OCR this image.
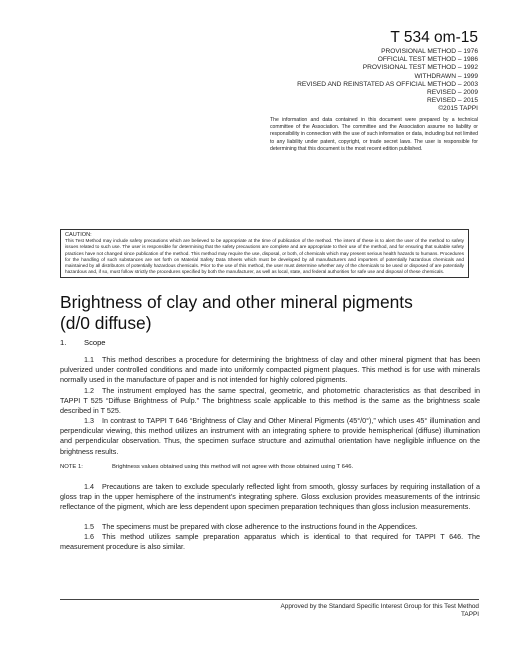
T 534 om-15
PROVISIONAL METHOD – 1976
OFFICIAL TEST METHOD – 1986
PROVISIONAL TEST METHOD – 1992
WITHDRAWN – 1999
REVISED AND REINSTATED AS OFFICIAL METHOD – 2003
REVISED – 2009
REVISED – 2015
©2015 TAPPI
The information and data contained in this document were prepared by a technical committee of the Association. The committee and the Association assume no liability or responsibility in connection with the use of such information or data, including but not limited to any liability under patent, copyright, or trade secret laws. The user is responsible for determining that this document is the most recent edition published.
CAUTION:
This Test Method may include safety precautions which are believed to be appropriate at the time of publication of the method. The intent of these is to alert the user of the method to safety issues related to such use. The user is responsible for determining that the safety precautions are complete and are appropriate to their use of the method, and for ensuring that suitable safety practices have not changed since publication of the method. This method may require the use, disposal, or both, of chemicals which may present serious health hazards to humans. Procedures for the handling of such substances are set forth on Material Safety Data Sheets which must be developed by all manufacturers and importers of potentially hazardous chemicals and maintained by all distributors of potentially hazardous chemicals. Prior to the use of this method, the user must determine whether any of the chemicals to be used or disposed of are potentially hazardous and, if so, must follow strictly the procedures specified by both the manufacturer, as well as local, state, and federal authorities for safe use and disposal of these chemicals.
Brightness of clay and other mineral pigments
(d/0 diffuse)
1. Scope
1.1 This method describes a procedure for determining the brightness of clay and other mineral pigment that has been pulverized under controlled conditions and made into uniformly compacted pigment plaques. This method is for use with minerals normally used in the manufacture of paper and is not intended for highly colored pigments.
1.2 The instrument employed has the same spectral, geometric, and photometric characteristics as that described in TAPPI T 525 “Diffuse Brightness of Pulp.” The brightness scale applicable to this method is the same as the brightness scale described in T 525.
1.3 In contrast to TAPPI T 646 “Brightness of Clay and Other Mineral Pigments (45°/0°),” which uses 45° illumination and perpendicular viewing, this method utilizes an instrument with an integrating sphere to provide hemispherical (diffuse) illumination and perpendicular observation. Thus, the specimen surface structure and azimuthal orientation have negligible influence on the brightness results.
NOTE 1:	Brightness values obtained using this method will not agree with those obtained using T 646.
1.4 Precautions are taken to exclude specularly reflected light from smooth, glossy surfaces by requiring installation of a gloss trap in the upper hemisphere of the instrument’s integrating sphere. Gloss exclusion provides measurements of the intrinsic reflectance of the pigment, which are less dependent upon specimen preparation techniques than gloss inclusion measurements.
1.5 The specimens must be prepared with close adherence to the instructions found in the Appendices.
1.6 This method utilizes sample preparation apparatus which is identical to that required for TAPPI T 646. The measurement procedure is also similar.
Approved by the Standard Specific Interest Group for this Test Method
TAPPI
